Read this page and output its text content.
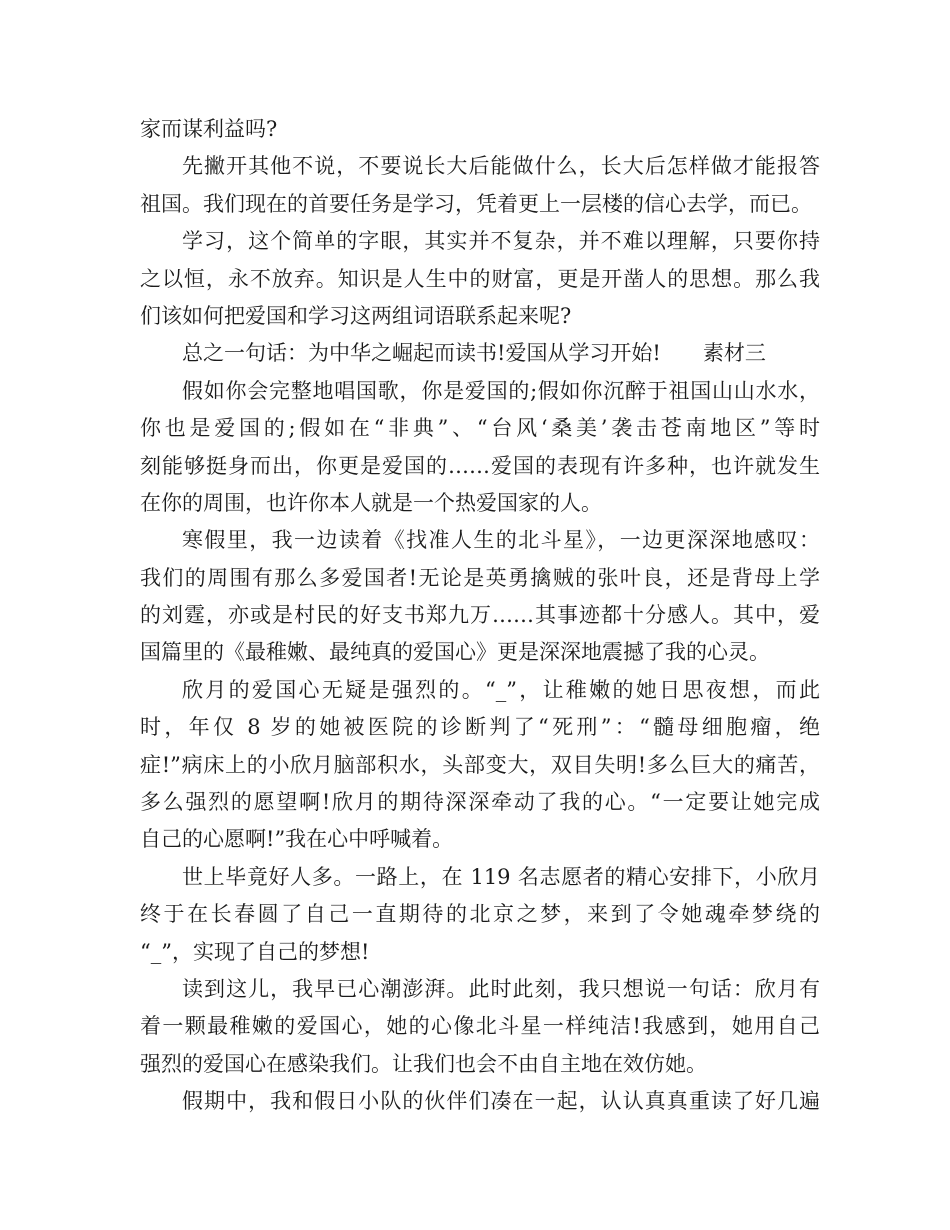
家而谋利益吗?
先撇开其他不说，不要说长大后能做什么，长大后怎样做才能报答
祖国。我们现在的首要任务是学习，凭着更上一层楼的信心去学，而已。
学习，这个简单的字眼，其实并不复杂，并不难以理解，只要你持
之以恒，永不放弃。知识是人生中的财富，更是开凿人的思想。那么我
们该如何把爱国和学习这两组词语联系起来呢?
总之一句话：为中华之崛起而读书!爱国从学习开始!　　素材三
假如你会完整地唱国歌，你是爱国的;假如你沉醉于祖国山山水水，
你也是爱国的;假如在“非典”、“台风‘桑美’袭击苍南地区”等时
刻能够挺身而出，你更是爱国的……爱国的表现有许多种，也许就发生
在你的周围，也许你本人就是一个热爱国家的人。
寒假里，我一边读着《找准人生的北斗星》，一边更深深地感叹：
我们的周围有那么多爱国者!无论是英勇擒贼的张叶良，还是背母上学
的刘霆，亦或是村民的好支书郑九万……其事迹都十分感人。其中，爱
国篇里的《最稚嫩、最纯真的爱国心》更是深深地震撼了我的心灵。
欣月的爱国心无疑是强烈的。“_”，让稚嫩的她日思夜想，而此
时，年仅 8 岁的她被医院的诊断判了“死刑”：“髓母细胞瘤，绝
症!”病床上的小欣月脑部积水，头部变大，双目失明!多么巨大的痛苦，
多么强烈的愿望啊!欣月的期待深深牵动了我的心。“一定要让她完成
自己的心愿啊!”我在心中呼喊着。
世上毕竟好人多。一路上，在 119 名志愿者的精心安排下，小欣月
终于在长春圆了自己一直期待的北京之梦，来到了令她魂牵梦绕的
“_”，实现了自己的梦想!
读到这儿，我早已心潮澎湃。此时此刻，我只想说一句话：欣月有
着一颗最稚嫩的爱国心，她的心像北斗星一样纯洁!我感到，她用自己
强烈的爱国心在感染我们。让我们也会不由自主地在效仿她。
假期中，我和假日小队的伙伴们凑在一起，认认真真重读了好几遍
